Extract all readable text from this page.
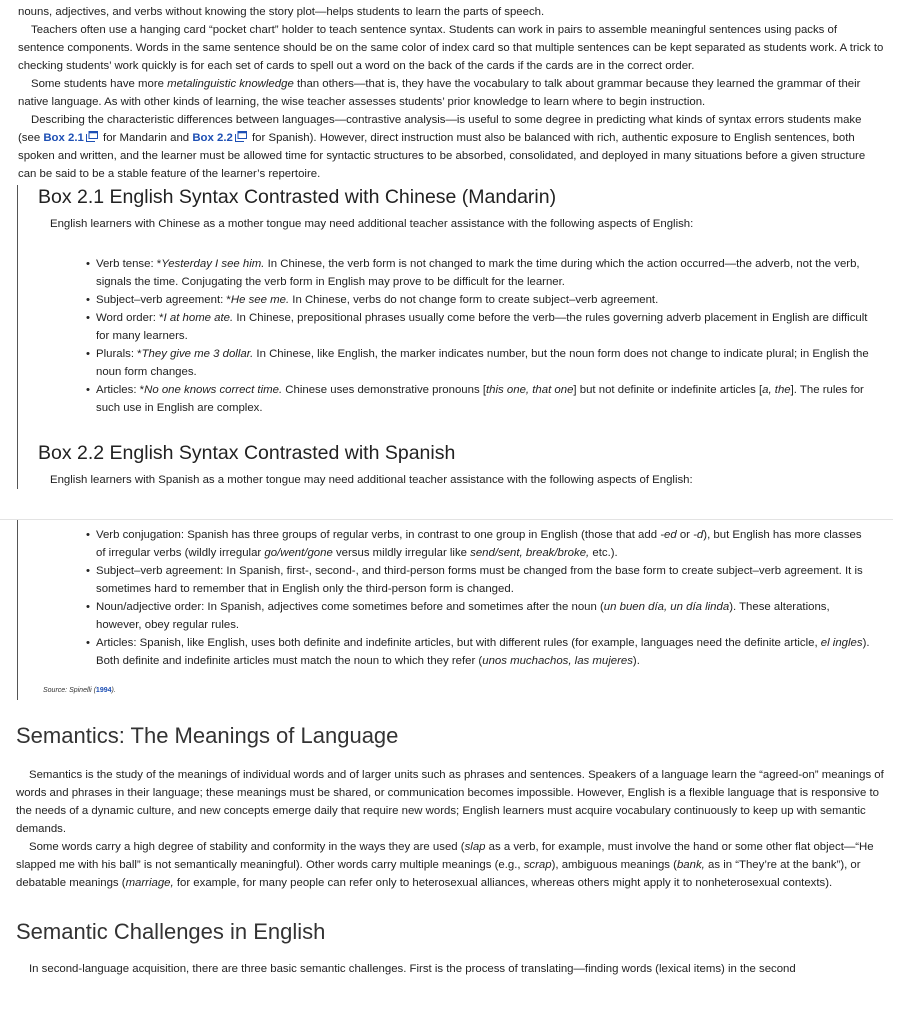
nouns, adjectives, and verbs without knowing the story plot—helps students to learn the parts of speech.

Teachers often use a hanging card “pocket chart” holder to teach sentence syntax. Students can work in pairs to assemble meaningful sentences using packs of sentence components. Words in the same sentence should be on the same color of index card so that multiple sentences can be kept separated as students work. A trick to checking students’ work quickly is for each set of cards to spell out a word on the back of the cards if the cards are in the correct order.

Some students have more metalinguistic knowledge than others—that is, they have the vocabulary to talk about grammar because they learned the grammar of their native language. As with other kinds of learning, the wise teacher assesses students’ prior knowledge to learn where to begin instruction.

Describing the characteristic differences between languages—contrastive analysis—is useful to some degree in predicting what kinds of syntax errors students make (see Box 2.1 for Mandarin and Box 2.2 for Spanish). However, direct instruction must also be balanced with rich, authentic exposure to English sentences, both spoken and written, and the learner must be allowed time for syntactic structures to be absorbed, consolidated, and deployed in many situations before a given structure can be said to be a stable feature of the learner’s repertoire.

Box 2.1 English Syntax Contrasted with Chinese (Mandarin)

English learners with Chinese as a mother tongue may need additional teacher assistance with the following aspects of English:

• Verb tense: *Yesterday I see him. In Chinese, the verb form is not changed to mark the time during which the action occurred—the adverb, not the verb, signals the time. Conjugating the verb form in English may prove to be difficult for the learner.
• Subject–verb agreement: *He see me. In Chinese, verbs do not change form to create subject–verb agreement.
• Word order: *I at home ate. In Chinese, prepositional phrases usually come before the verb—the rules governing adverb placement in English are difficult for many learners.
• Plurals: *They give me 3 dollar. In Chinese, like English, the marker indicates number, but the noun form does not change to indicate plural; in English the noun form changes.
• Articles: *No one knows correct time. Chinese uses demonstrative pronouns [this one, that one] but not definite or indefinite articles [a, the]. The rules for such use in English are complex.
Box 2.2 English Syntax Contrasted with Spanish

English learners with Spanish as a mother tongue may need additional teacher assistance with the following aspects of English:

• Verb conjugation: Spanish has three groups of regular verbs, in contrast to one group in English (those that add -ed or -d), but English has more classes of irregular verbs (wildly irregular go/went/gone versus mildly irregular like send/sent, break/broke, etc.).
• Subject–verb agreement: In Spanish, first-, second-, and third-person forms must be changed from the base form to create subject–verb agreement. It is sometimes hard to remember that in English only the third-person form is changed.
• Noun/adjective order: In Spanish, adjectives come sometimes before and sometimes after the noun (un buen día, un día linda). These alterations, however, obey regular rules.
• Articles: Spanish, like English, uses both definite and indefinite articles, but with different rules (for example, languages need the definite article, el ingles). Both definite and indefinite articles must match the noun to which they refer (unos muchachos, las mujeres).

Source: Spinelli (1994).

Semantics: The Meanings of Language

Semantics is the study of the meanings of individual words and of larger units such as phrases and sentences. Speakers of a language learn the “agreed-on” meanings of words and phrases in their language; these meanings must be shared, or communication becomes impossible. However, English is a flexible language that is responsive to the needs of a dynamic culture, and new concepts emerge daily that require new words; English learners must acquire vocabulary continuously to keep up with semantic demands.

Some words carry a high degree of stability and conformity in the ways they are used (slap as a verb, for example, must involve the hand or some other flat object—“He slapped me with his ball” is not semantically meaningful). Other words carry multiple meanings (e.g., scrap), ambiguous meanings (bank, as in “They’re at the bank”), or debatable meanings (marriage, for example, for many people can refer only to heterosexual alliances, whereas others might apply it to nonheterosexual contexts).

Semantic Challenges in English

In second-language acquisition, there are three basic semantic challenges. First is the process of translating—finding words (lexical items) in the second
